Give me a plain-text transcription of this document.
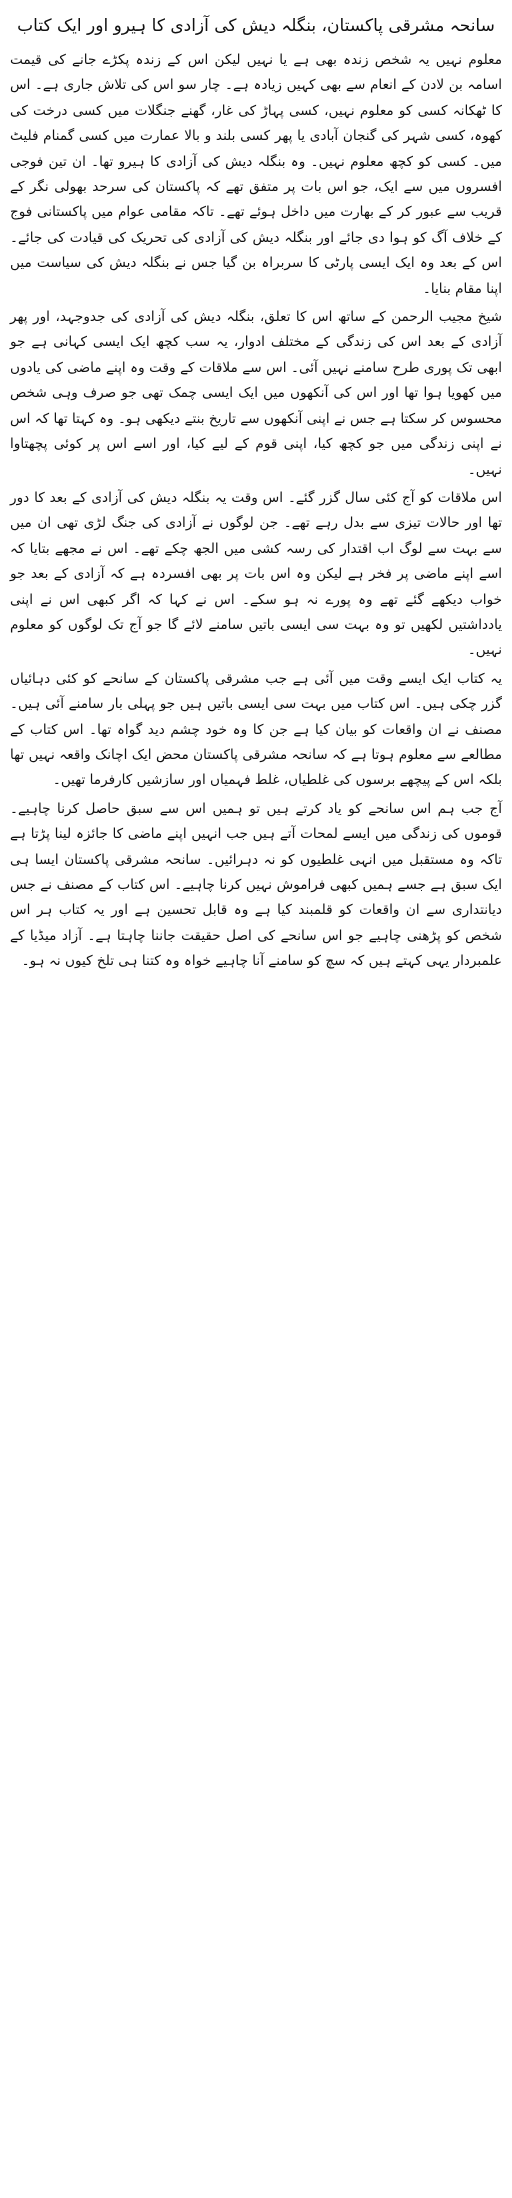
سانحہ مشرقی پاکستان، بنگلہ دیش کی آزادی کا ہیرو اور ایک کتاب

معلوم نہیں یہ شخص زندہ بھی ہے یا نہیں لیکن اس کے زندہ پکڑے جانے کی قیمت اسامہ بن لادن کے انعام سے بھی کہیں زیادہ ہے۔ چار سو اس کی تلاش جاری ہے۔ اس کا ٹھکانہ کسی کو معلوم نہیں، کسی پہاڑ کی غار، گھنے جنگلات میں کسی درخت کی کھوہ، کسی شہر کی گنجان آبادی یا پھر کسی بلند و بالا عمارت میں کسی گمنام فلیٹ میں۔ کسی کو کچھ معلوم نہیں۔ وہ بنگلہ دیش کی آزادی کا ہیرو تھا۔ ان تین فوجی افسروں میں سے ایک، جو اس بات پر متفق تھے کہ پاکستان کی سرحد بھولی نگر کے قریب سے عبور کر کے بھارت میں داخل ہوئے تھے۔ تاکہ مقامی عوام میں پاکستانی فوج کے خلاف آگ کو ہوا دی جائے اور بنگلہ دیش کی آزادی کی تحریک کی قیادت کی جائے۔ اس کے بعد وہ ایک ایسی پارٹی کا سربراہ بن گیا جس نے بنگلہ دیش کی سیاست میں اپنا مقام بنایا۔

شیخ مجیب الرحمن کے ساتھ اس کا تعلق، بنگلہ دیش کی آزادی کی جدوجہد، اور پھر آزادی کے بعد اس کی زندگی کے مختلف ادوار، یہ سب کچھ ایک ایسی کہانی ہے جو ابھی تک پوری طرح سامنے نہیں آئی۔ اس سے ملاقات کے وقت وہ اپنے ماضی کی یادوں میں کھویا ہوا تھا اور اس کی آنکھوں میں ایک ایسی چمک تھی جو صرف وہی شخص محسوس کر سکتا ہے جس نے اپنی آنکھوں سے تاریخ بنتے دیکھی ہو۔ وہ کہتا تھا کہ اس نے اپنی زندگی میں جو کچھ کیا، اپنی قوم کے لیے کیا، اور اسے اس پر کوئی پچھتاوا نہیں۔

اس ملاقات کو آج کئی سال گزر گئے۔ اس وقت یہ بنگلہ دیش کی آزادی کے بعد کا دور تھا اور حالات تیزی سے بدل رہے تھے۔ جن لوگوں نے آزادی کی جنگ لڑی تھی ان میں سے بہت سے لوگ اب اقتدار کی رسہ کشی میں الجھ چکے تھے۔ اس نے مجھے بتایا کہ اسے اپنے ماضی پر فخر ہے لیکن وہ اس بات پر بھی افسردہ ہے کہ آزادی کے بعد جو خواب دیکھے گئے تھے وہ پورے نہ ہو سکے۔ اس نے کہا کہ اگر کبھی اس نے اپنی یادداشتیں لکھیں تو وہ بہت سی ایسی باتیں سامنے لائے گا جو آج تک لوگوں کو معلوم نہیں۔

یہ کتاب ایک ایسے وقت میں آئی ہے جب مشرقی پاکستان کے سانحے کو کئی دہائیاں گزر چکی ہیں۔ اس کتاب میں بہت سی ایسی باتیں ہیں جو پہلی بار سامنے آئی ہیں۔ مصنف نے ان واقعات کو بیان کیا ہے جن کا وہ خود چشم دید گواہ تھا۔ اس کتاب کے مطالعے سے معلوم ہوتا ہے کہ سانحہ مشرقی پاکستان محض ایک اچانک واقعہ نہیں تھا بلکہ اس کے پیچھے برسوں کی غلطیاں، غلط فہمیاں اور سازشیں کارفرما تھیں۔

آج جب ہم اس سانحے کو یاد کرتے ہیں تو ہمیں اس سے سبق حاصل کرنا چاہیے۔ قوموں کی زندگی میں ایسے لمحات آتے ہیں جب انہیں اپنے ماضی کا جائزہ لینا پڑتا ہے تاکہ وہ مستقبل میں انہی غلطیوں کو نہ دہرائیں۔ سانحہ مشرقی پاکستان ایسا ہی ایک سبق ہے جسے ہمیں کبھی فراموش نہیں کرنا چاہیے۔ اس کتاب کے مصنف نے جس دیانتداری سے ان واقعات کو قلمبند کیا ہے وہ قابل تحسین ہے اور یہ کتاب ہر اس شخص کو پڑھنی چاہیے جو اس سانحے کی اصل حقیقت جاننا چاہتا ہے۔ آزاد میڈیا کے علمبردار یہی کہتے ہیں کہ سچ کو سامنے آنا چاہیے خواہ وہ کتنا ہی تلخ کیوں نہ ہو۔
